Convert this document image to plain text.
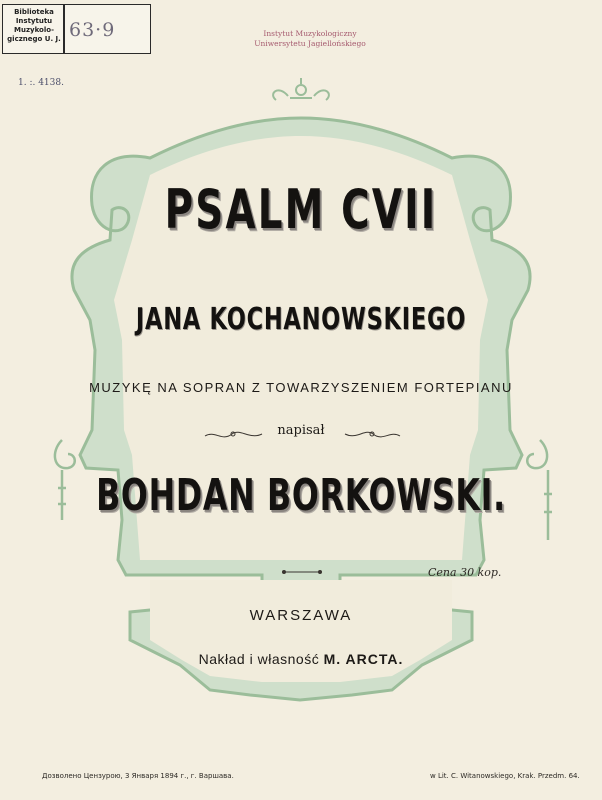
Biblioteka
Instytutu
Muzykolo-
gicznego U. J. 63·9
1. :. 4138.
Instytut Muzykologiczny
Uniwersytetu Jagiellońskiego
PSALM CVII
JANA KOCHANOWSKIEGO
MUZYKĘ NA SOPRAN Z TOWARZYSZENIEM FORTEPIANU
napisał
BOHDAN BORKOWSKI.
Cena 30 kop.
WARSZAWA
Nakład i własność M. ARCTA.
Дозволено Цензурою, 3 Января 1894 г., г. Варшава.	w Lit. C. Witanowskiego, Krak. Przedm. 64.
